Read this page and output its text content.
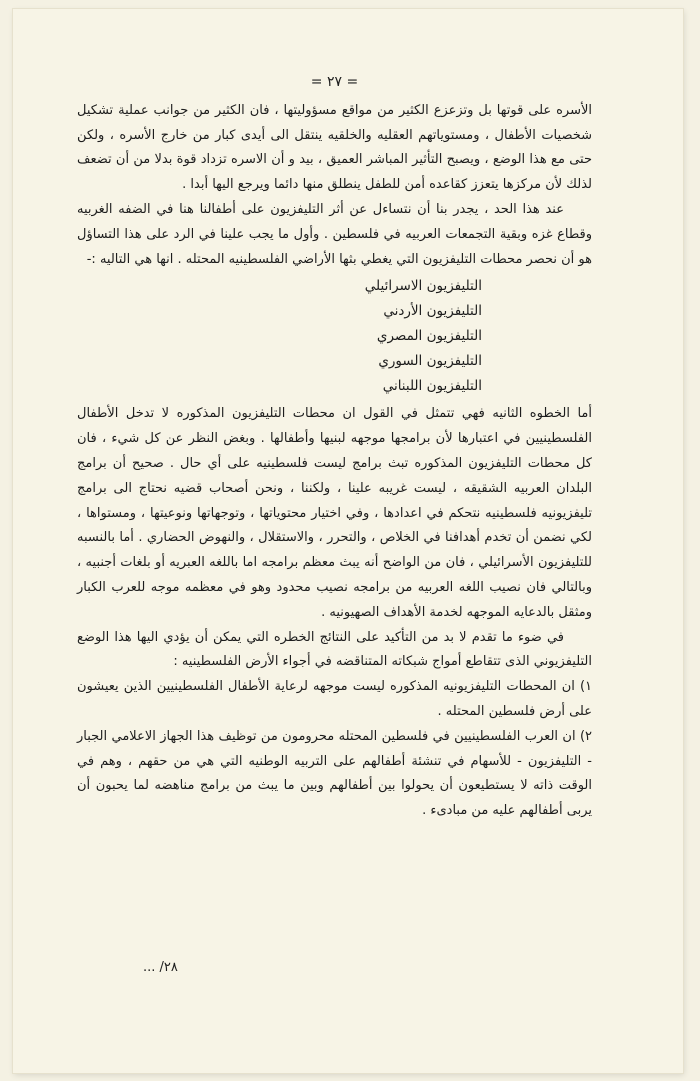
= ٢٧ =

الأسره على قوتها بل وتزعزع الكثير من مواقع مسؤوليتها ، فان الكثير من جوانب عملية تشكيل شخصيات الأطفال ، ومستوياتهم العقليه والخلقيه ينتقل الى أيدى كبار من خارج الأسره ، ولكن حتى مع هذا الوضع ، ويصبح التأثير المباشر العميق ، بيد و أن الاسره تزداد قوة بدلا من أن تضعف لذلك لأن مركزها يتعزز كقاعده أمن للطفل ينطلق منها دائما ويرجع اليها أبدا .

عند هذا الحد ، يجدر بنا أن نتساءل عن أثر التليفزيون على أطفالنا هنا في الضفه الغربيه وقطاع غزه وبقية التجمعات العربيه في فلسطين . وأول ما يجب علينا في الرد على هذا التساؤل هو أن نحصر محطات التليفزيون التي يغطي بثها الأراضي الفلسطينيه المحتله . انها هي التاليه :-

التليفزيون الاسرائيلي
التليفزيون الأردني
التليفزيون المصري
التليفزيون السوري
التليفزيون اللبناني

أما الخطوه الثانيه فهي تتمثل في القول ان محطات التليفزيون المذكوره لا تدخل الأطفال الفلسطينيين في اعتبارها لأن برامجها موجهه لبنيها وأطفالها . وبغض النظر عن كل شيء ، فان كل محطات التليفزيون المذكوره تبث برامج ليست فلسطينيه على أي حال . صحيح أن برامج البلدان العربيه الشقيقه ، ليست غريبه علينا ، ولكننا ، ونحن أصحاب قضيه نحتاج الى برامج تليفزيونيه فلسطينيه نتحكم في اعدادها ، وفي اختيار محتوياتها ، وتوجهاتها ونوعيتها ، ومستواها ، لكي نضمن أن تخدم أهدافنا في الخلاص ، والتحرر ، والاستقلال ، والنهوض الحضاري . أما بالنسبه للتليفزيون الأسرائيلي ، فان من الواضح أنه يبث معظم برامجه اما باللغه العبريه أو بلغات أجنبيه ، وبالتالي فان نصيب اللغه العربيه من برامجه نصيب محدود وهو في معظمه موجه للعرب الكبار ومثقل بالدعايه الموجهه لخدمة الأهداف الصهيونيه .

في ضوء ما تقدم لا بد من التأكيد على النتائج الخطره التي يمكن أن يؤدي اليها هذا الوضع التليفزيوني الذى تتقاطع أمواج شبكاته المتناقضه في أجواء الأرض الفلسطينيه :

١) ان المحطات التليفزيونيه المذكوره ليست موجهه لرعاية الأطفال الفلسطينيين الذين يعيشون على أرض فلسطين المحتله .

٢) ان العرب الفلسطينيين في فلسطين المحتله محرومون من توظيف هذا الجهاز الاعلامي الجبار - التليفزيون - للأسهام في تنشئة أطفالهم على التربيه الوطنيه التي هي من حقهم ، وهم في الوقت ذاته لا يستطيعون أن يحولوا بين أطفالهم وبين ما يبث من برامج مناهضه لما يحبون أن يربى أطفالهم عليه من مبادىء .

٢٨/ ...
